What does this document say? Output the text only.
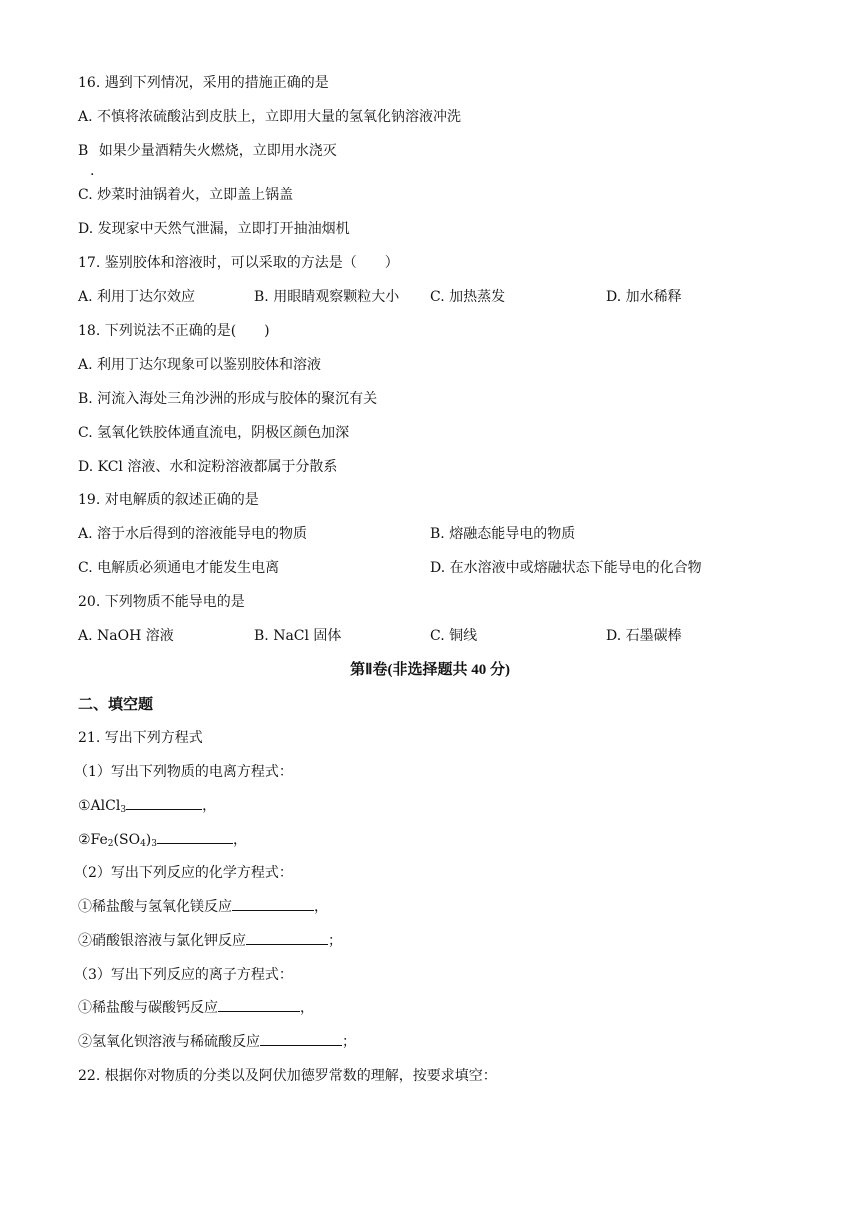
16. 遇到下列情况，采用的措施正确的是
A. 不慎将浓硫酸沾到皮肤上，立即用大量的氢氧化钠溶液冲洗
B 如果少量酒精失火燃烧，立即用水浇灭
.
C. 炒菜时油锅着火，立即盖上锅盖
D. 发现家中天然气泄漏，立即打开抽油烟机
17. 鉴别胶体和溶液时，可以采取的方法是（　　）
A. 利用丁达尔效应	B. 用眼睛观察颗粒大小 C. 加热蒸发	D. 加水稀释
18. 下列说法不正确的是(　　)
A. 利用丁达尔现象可以鉴别胶体和溶液
B. 河流入海处三角沙洲的形成与胶体的聚沉有关
C. 氢氧化铁胶体通直流电，阴极区颜色加深
D. KCl 溶液、水和淀粉溶液都属于分散系
19. 对电解质的叙述正确的是
A. 溶于水后得到的溶液能导电的物质	B. 熔融态能导电的物质
C. 电解质必须通电才能发生电离	D. 在水溶液中或熔融状态下能导电的化合物
20. 下列物质不能导电的是
A. NaOH 溶液	B. NaCl 固体	C. 铜线	D. 石墨碳棒
第Ⅱ卷(非选择题共 40 分)
二、填空题
21. 写出下列方程式
（1）写出下列物质的电离方程式：
①AlCl$_3$	，
$②Fe_2(SO_4)_3$	，
（2）写出下列反应的化学方程式：
①稀盐酸与氢氧化镁反应	，
②硝酸银溶液与氯化钾反应	；
（3）写出下列反应的离子方程式：
①稀盐酸与碳酸钙反应	，
②氢氧化钡溶液与稀硫酸反应	；
22. 根据你对物质的分类以及阿伏加德罗常数的理解，按要求填空：
